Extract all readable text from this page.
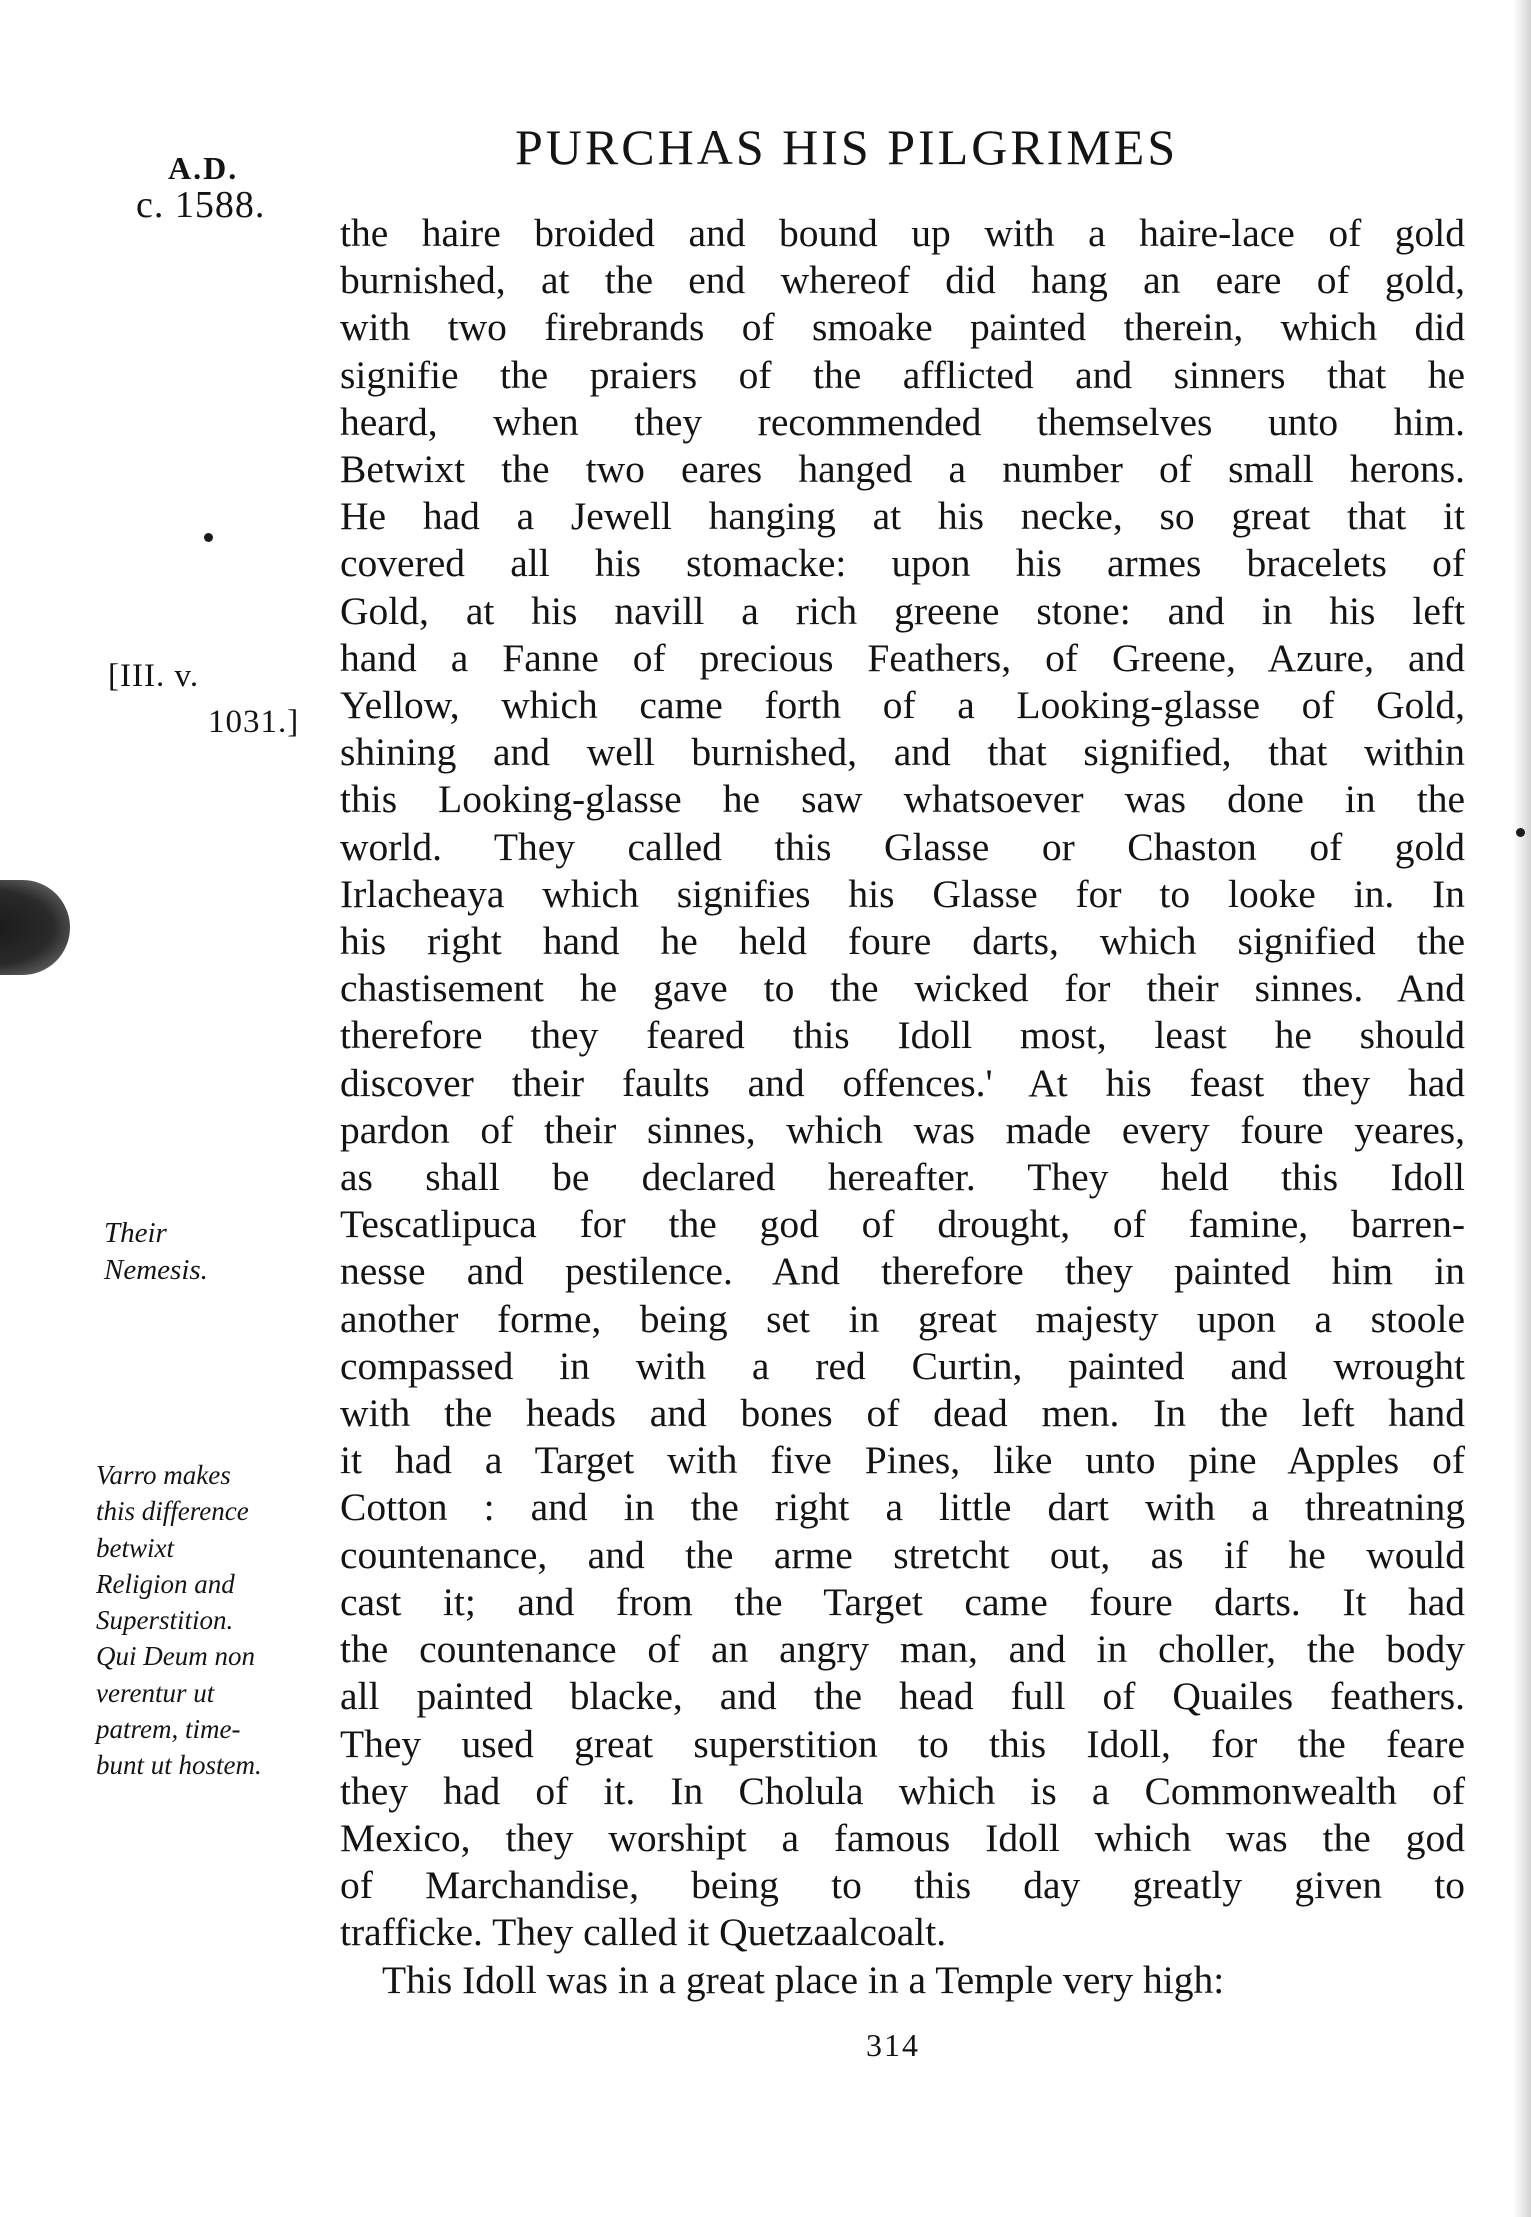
A.D.
c. 1588.
PURCHAS HIS PILGRIMES
[III. v.
1031.]
Their
Nemesis.
Varro makes
this difference
betwixt
Religion and
Superstition.
Qui Deum non
verentur ut
patrem, time-
bunt ut hostem.
the haire broided and bound up with a haire-lace of gold
burnished, at the end whereof did hang an eare of gold,
with two firebrands of smoake painted therein, which did
signifie the praiers of the afflicted and sinners that he
heard, when they recommended themselves unto him.
Betwixt the two eares hanged a number of small herons.
He had a Jewell hanging at his necke, so great that it
covered all his stomacke: upon his armes bracelets of
Gold, at his navill a rich greene stone: and in his left
hand a Fanne of precious Feathers, of Greene, Azure, and
Yellow, which came forth of a Looking-glasse of Gold,
shining and well burnished, and that signified, that within
this Looking-glasse he saw whatsoever was done in the
world. They called this Glasse or Chaston of gold
Irlacheaya which signifies his Glasse for to looke in. In
his right hand he held foure darts, which signified the
chastisement he gave to the wicked for their sinnes. And
therefore they feared this Idoll most, least he should
discover their faults and offences.' At his feast they had
pardon of their sinnes, which was made every foure yeares,
as shall be declared hereafter. They held this Idoll
Tescatlipuca for the god of drought, of famine, barren-
nesse and pestilence. And therefore they painted him in
another forme, being set in great majesty upon a stoole
compassed in with a red Curtin, painted and wrought
with the heads and bones of dead men. In the left hand
it had a Target with five Pines, like unto pine Apples of
Cotton : and in the right a little dart with a threatning
countenance, and the arme stretcht out, as if he would
cast it; and from the Target came foure darts. It had
the countenance of an angry man, and in choller, the body
all painted blacke, and the head full of Quailes feathers.
They used great superstition to this Idoll, for the feare
they had of it. In Cholula which is a Commonwealth of
Mexico, they worshipt a famous Idoll which was the god
of Marchandise, being to this day greatly given to
trafficke. They called it Quetzaalcoalt.
This Idoll was in a great place in a Temple very high:
314
